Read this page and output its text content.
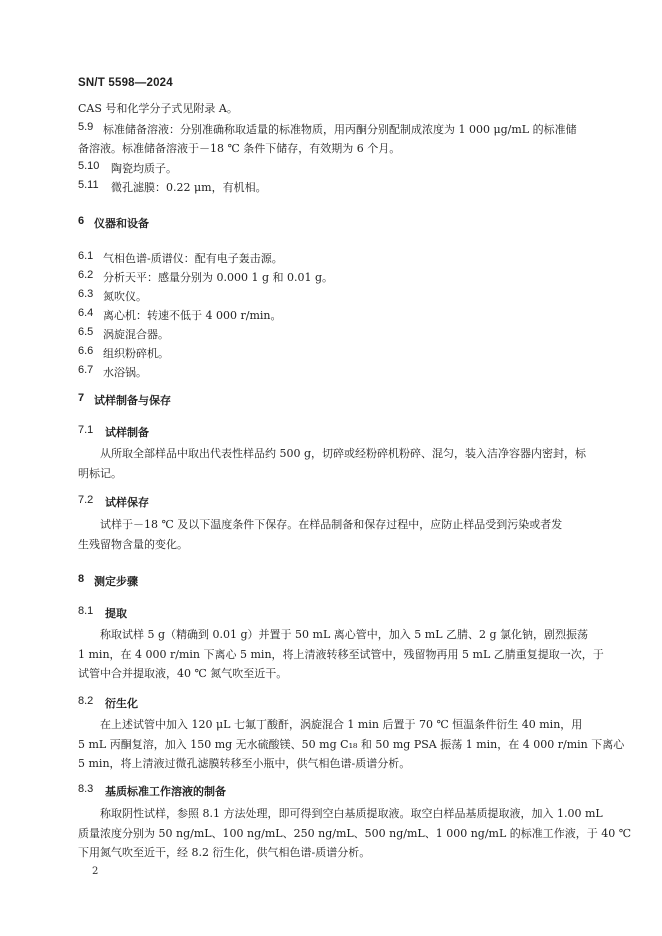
SN/T 5598—2024
CAS 号和化学分子式见附录 A。
5.9 标准储备溶液：分别准确称取适量的标准物质，用丙酮分别配制成浓度为 1 000 μg/mL 的标准储
备溶液。标准储备溶液于－18 ℃ 条件下储存，有效期为 6 个月。
5.10 陶瓷均质子。
5.11 微孔滤膜：0.22 μm，有机相。
6 仪器和设备
6.1 气相色谱-质谱仪：配有电子轰击源。
6.2 分析天平：感量分别为 0.000 1 g 和 0.01 g。
6.3 氮吹仪。
6.4 离心机：转速不低于 4 000 r/min。
6.5 涡旋混合器。
6.6 组织粉碎机。
6.7 水浴锅。
7 试样制备与保存
7.1 试样制备
从所取全部样品中取出代表性样品约 500 g，切碎或经粉碎机粉碎、混匀，装入洁净容器内密封，标
明标记。
7.2 试样保存
试样于－18 ℃ 及以下温度条件下保存。在样品制备和保存过程中，应防止样品受到污染或者发
生残留物含量的变化。
8 测定步骤
8.1 提取
称取试样 5 g（精确到 0.01 g）并置于 50 mL 离心管中，加入 5 mL 乙腈、2 g 氯化钠，剧烈振荡
1 min，在 4 000 r/min 下离心 5 min，将上清液转移至试管中，残留物再用 5 mL 乙腈重复提取一次，于
试管中合并提取液，40 ℃ 氮气吹至近干。
8.2 衍生化
在上述试管中加入 120 μL 七氟丁酸酐，涡旋混合 1 min 后置于 70 ℃ 恒温条件衍生 40 min，用
5 mL 丙酮复溶，加入 150 mg 无水硫酸镁、50 mg C₁₈ 和 50 mg PSA 振荡 1 min，在 4 000 r/min 下离心
5 min，将上清液过微孔滤膜转移至小瓶中，供气相色谱-质谱分析。
8.3 基质标准工作溶液的制备
称取阴性试样，参照 8.1 方法处理，即可得到空白基质提取液。取空白样品基质提取液，加入 1.00 mL
质量浓度分别为 50 ng/mL、100 ng/mL、250 ng/mL、500 ng/mL、1 000 ng/mL 的标准工作液，于 40 ℃
下用氮气吹至近干，经 8.2 衍生化，供气相色谱-质谱分析。
2
